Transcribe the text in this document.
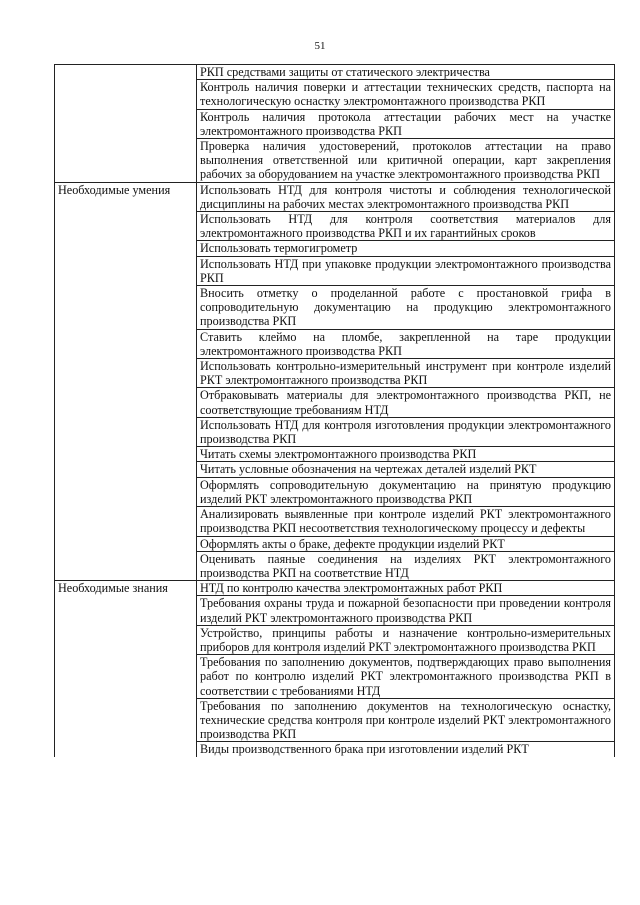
51
	РКП средствами защиты от статического электричества
	Контроль наличия поверки и аттестации технических средств, паспорта на технологическую оснастку электромонтажного производства РКП
	Контроль наличия протокола аттестации рабочих мест на участке электромонтажного производства РКП
	Проверка наличия удостоверений, протоколов аттестации на право выполнения ответственной или критичной операции, карт закрепления рабочих за оборудованием на участке электромонтажного производства РКП
Необходимые умения	Использовать НТД для контроля чистоты и соблюдения технологической дисциплины на рабочих местах электромонтажного производства РКП
	Использовать НТД для контроля соответствия материалов для электромонтажного производства РКП и их гарантийных сроков
	Использовать термогигрометр
	Использовать НТД при упаковке продукции электромонтажного производства РКП
	Вносить отметку о проделанной работе с простановкой грифа в сопроводительную документацию на продукцию электромонтажного производства РКП
	Ставить клеймо на пломбе, закрепленной на таре продукции электромонтажного производства РКП
	Использовать контрольно-измерительный инструмент при контроле изделий РКТ электромонтажного производства РКП
	Отбраковывать материалы для электромонтажного производства РКП, не соответствующие требованиям НТД
	Использовать НТД для контроля изготовления продукции электромонтажного производства РКП
	Читать схемы электромонтажного производства РКП
	Читать условные обозначения на чертежах деталей изделий РКТ
	Оформлять сопроводительную документацию на принятую продукцию изделий РКТ электромонтажного производства РКП
	Анализировать выявленные при контроле изделий РКТ электромонтажного производства РКП несоответствия технологическому процессу и дефекты
	Оформлять акты о браке, дефекте продукции изделий РКТ
	Оценивать паяные соединения на изделиях РКТ электромонтажного производства РКП на соответствие НТД
Необходимые знания	НТД по контролю качества электромонтажных работ РКП
	Требования охраны труда и пожарной безопасности при проведении контроля изделий РКТ электромонтажного производства РКП
	Устройство, принципы работы и назначение контрольно-измерительных приборов для контроля изделий РКТ электромонтажного производства РКП
	Требования по заполнению документов, подтверждающих право выполнения работ по контролю изделий РКТ электромонтажного производства РКП в соответствии с требованиями НТД
	Требования по заполнению документов на технологическую оснастку, технические средства контроля при контроле изделий РКТ электромонтажного производства РКП
	Виды производственного брака при изготовлении изделий РКТ
